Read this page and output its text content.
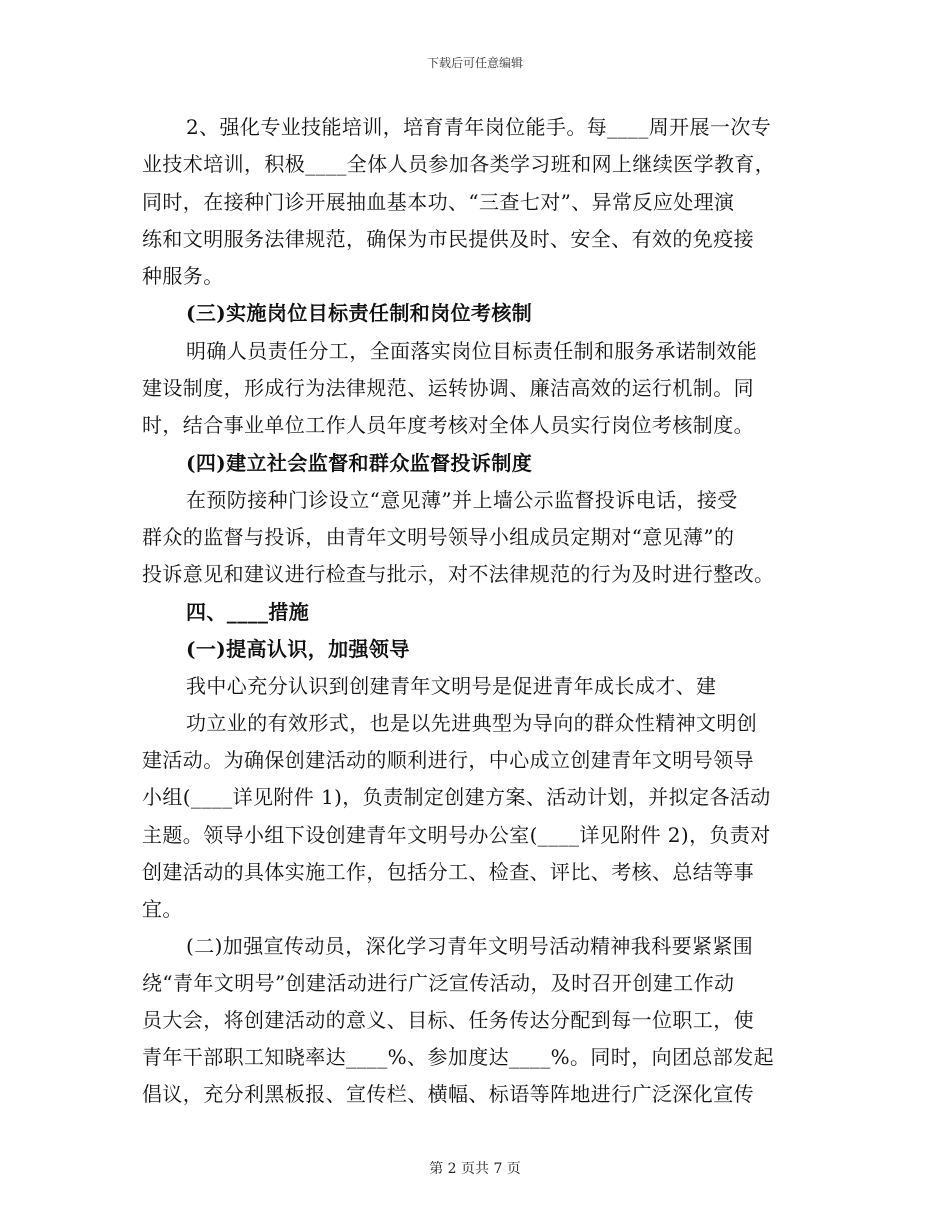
下载后可任意编辑
2、强化专业技能培训，培育青年岗位能手。每____周开展一次专
业技术培训，积极____全体人员参加各类学习班和网上继续医学教育，
同时，在接种门诊开展抽血基本功、“三查七对”、异常反应处理演
练和文明服务法律规范，确保为市民提供及时、安全、有效的免疫接
种服务。
(三)实施岗位目标责任制和岗位考核制
明确人员责任分工，全面落实岗位目标责任制和服务承诺制效能
建设制度，形成行为法律规范、运转协调、廉洁高效的运行机制。同
时，结合事业单位工作人员年度考核对全体人员实行岗位考核制度。
(四)建立社会监督和群众监督投诉制度
在预防接种门诊设立“意见薄”并上墙公示监督投诉电话，接受
群众的监督与投诉，由青年文明号领导小组成员定期对“意见薄”的
投诉意见和建议进行检查与批示，对不法律规范的行为及时进行整改。
四、____措施
(一)提高认识，加强领导
我中心充分认识到创建青年文明号是促进青年成长成才、建
功立业的有效形式，也是以先进典型为导向的群众性精神文明创
建活动。为确保创建活动的顺利进行，中心成立创建青年文明号领导
小组(____详见附件 1)，负责制定创建方案、活动计划，并拟定各活动
主题。领导小组下设创建青年文明号办公室(____详见附件 2)，负责对
创建活动的具体实施工作，包括分工、检查、评比、考核、总结等事
宜。
(二)加强宣传动员，深化学习青年文明号活动精神我科要紧紧围
绕“青年文明号”创建活动进行广泛宣传活动，及时召开创建工作动
员大会，将创建活动的意义、目标、任务传达分配到每一位职工，使
青年干部职工知晓率达____%、参加度达____%。同时，向团总部发起
倡议，充分利黑板报、宣传栏、横幅、标语等阵地进行广泛深化宣传
第 2 页共 7 页
